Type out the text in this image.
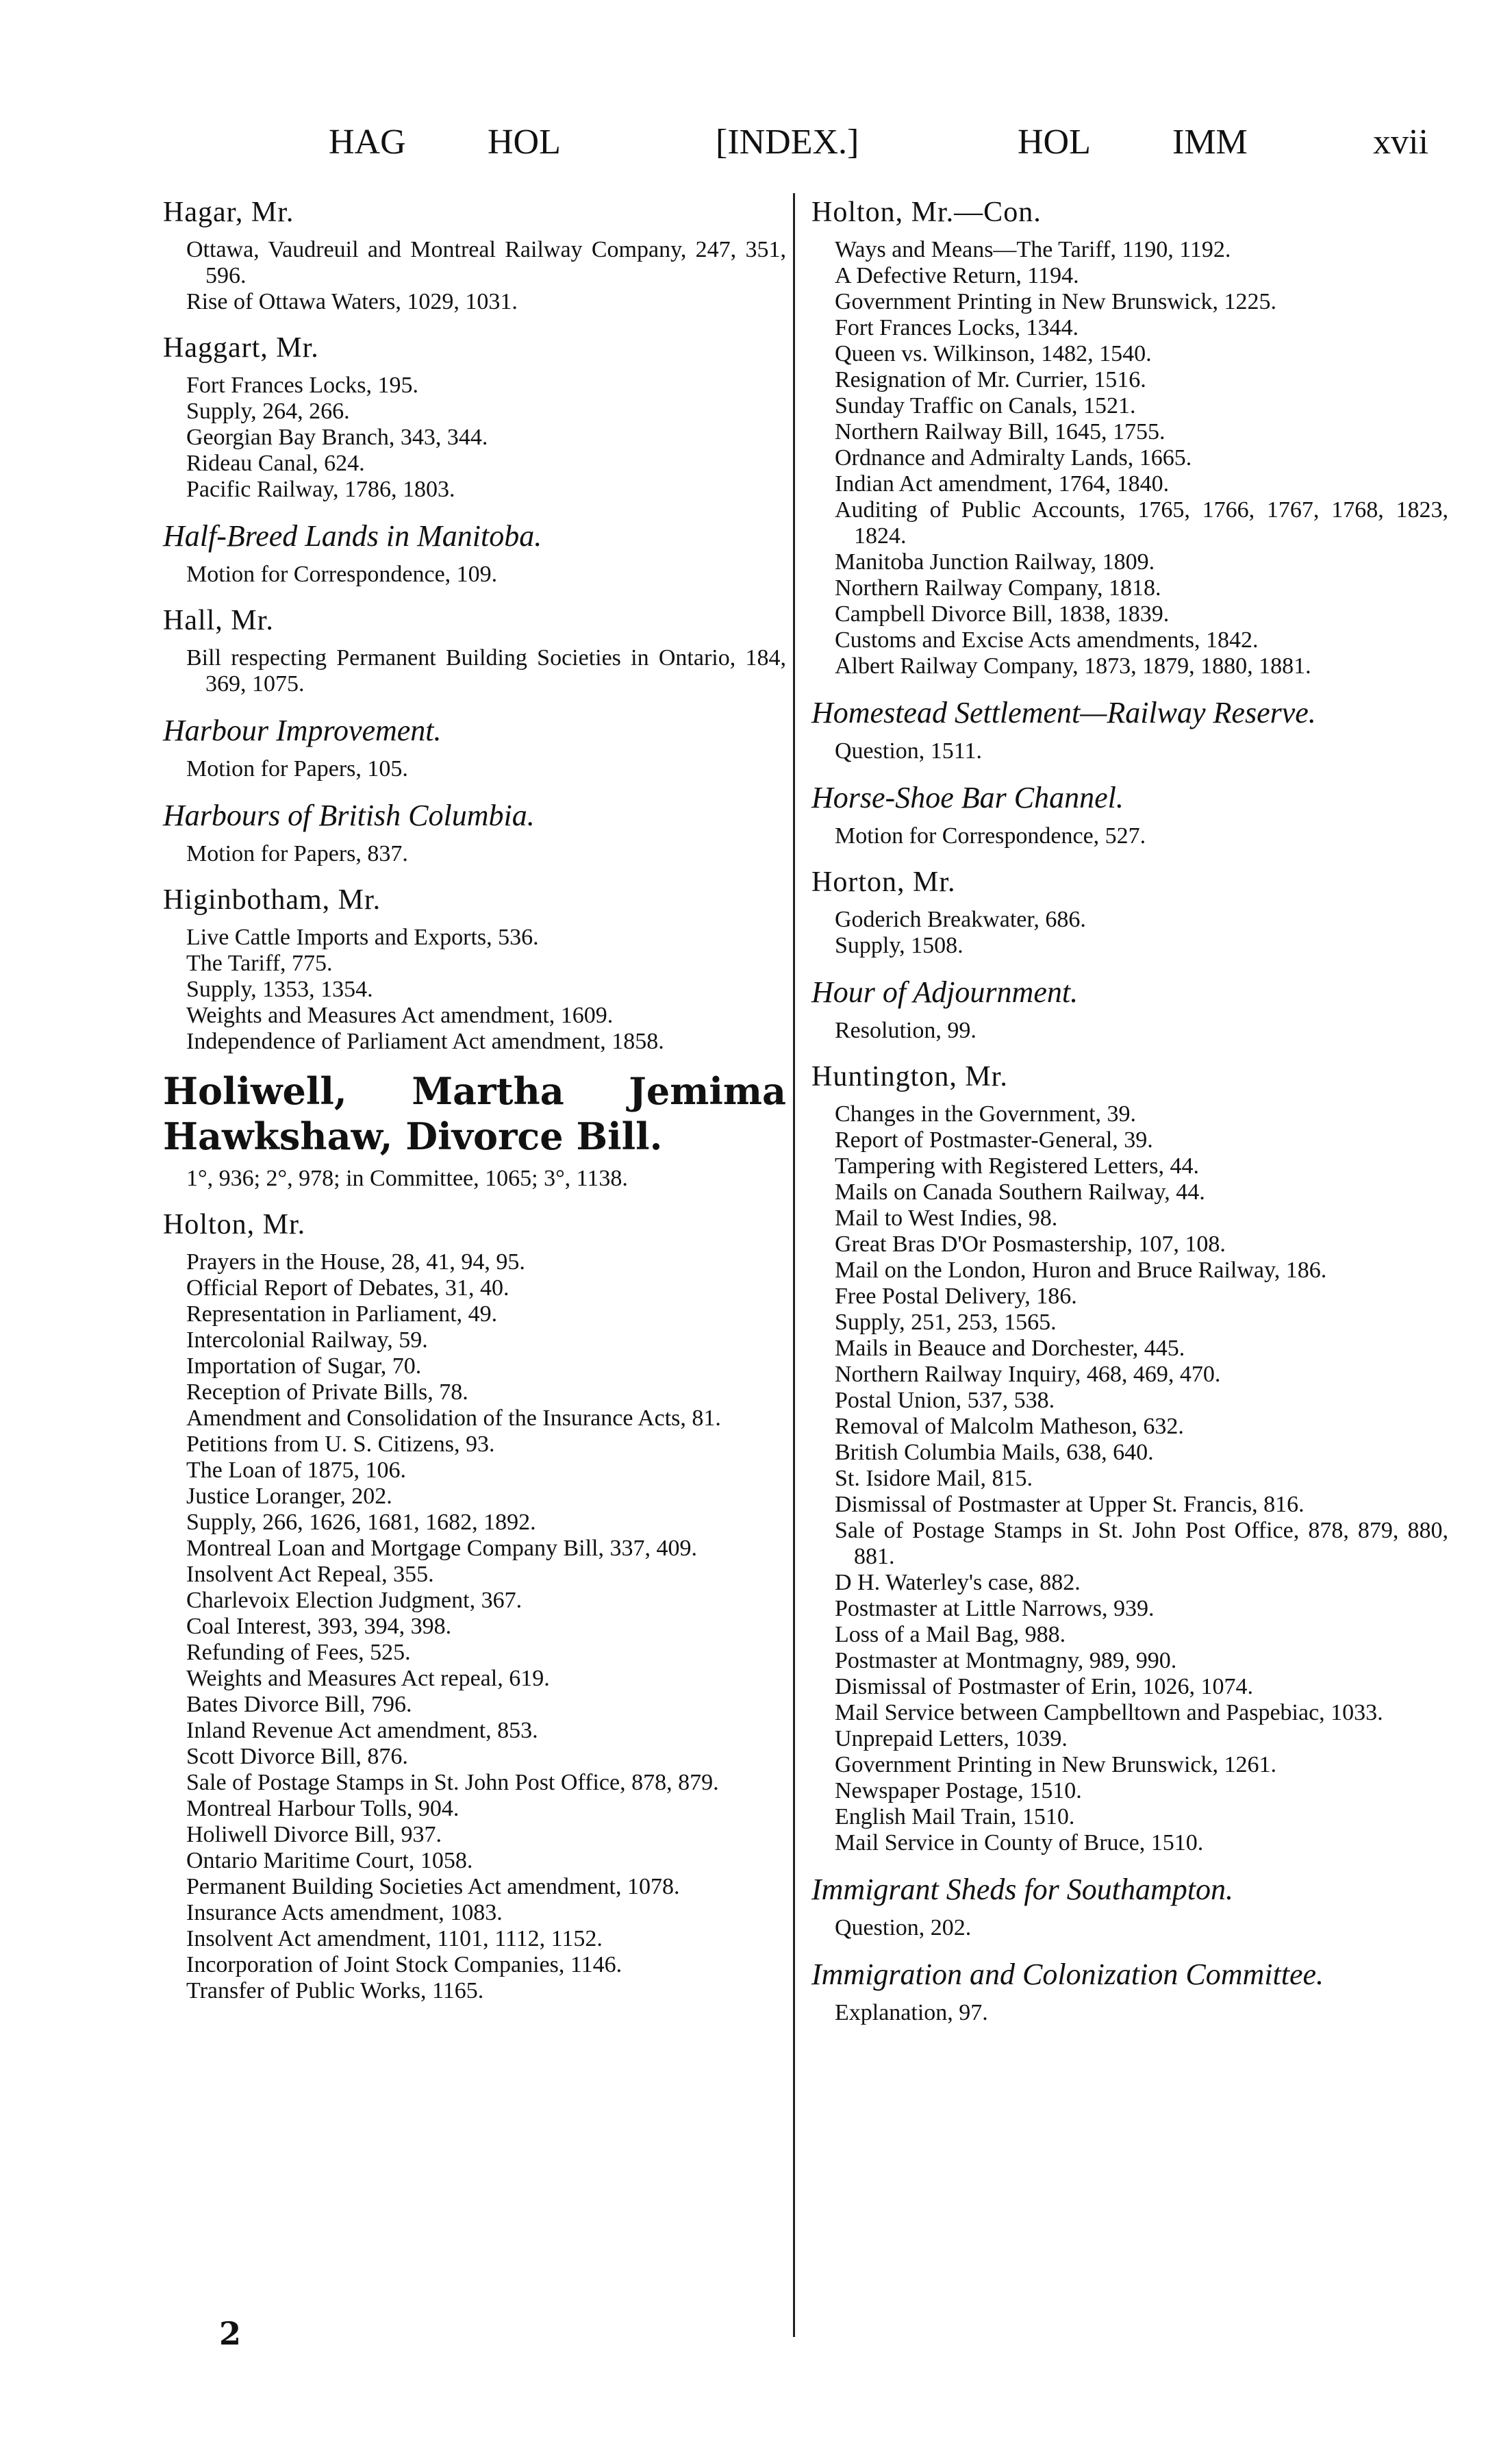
HAG HOL	[INDEX.]	HOL IMM	xvii
Hagar, Mr.
Ottawa, Vaudreuil and Montreal Railway Company, 247, 351, 596.
Rise of Ottawa Waters, 1029, 1031.
Haggart, Mr.
Fort Frances Locks, 195.
Supply, 264, 266.
Georgian Bay Branch, 343, 344.
Rideau Canal, 624.
Pacific Railway, 1786, 1803.
Half-Breed Lands in Manitoba.
Motion for Correspondence, 109.
Hall, Mr.
Bill respecting Permanent Building Societies in Ontario, 184, 369, 1075.
Harbour Improvement.
Motion for Papers, 105.
Harbours of British Columbia.
Motion for Papers, 837.
Higinbotham, Mr.
Live Cattle Imports and Exports, 536.
The Tariff, 775.
Supply, 1353, 1354.
Weights and Measures Act amendment, 1609.
Independence of Parliament Act amendment, 1858.
Holiwell, Martha Jemima Hawkshaw, Divorce Bill.
1°, 936; 2°, 978; in Committee, 1065; 3°, 1138.
Holton, Mr.
Prayers in the House, 28, 41, 94, 95.
Official Report of Debates, 31, 40.
Representation in Parliament, 49.
Intercolonial Railway, 59.
Importation of Sugar, 70.
Reception of Private Bills, 78.
Amendment and Consolidation of the Insurance Acts, 81.
Petitions from U. S. Citizens, 93.
The Loan of 1875, 106.
Justice Loranger, 202.
Supply, 266, 1626, 1681, 1682, 1892.
Montreal Loan and Mortgage Company Bill, 337, 409.
Insolvent Act Repeal, 355.
Charlevoix Election Judgment, 367.
Coal Interest, 393, 394, 398.
Refunding of Fees, 525.
Weights and Measures Act repeal, 619.
Bates Divorce Bill, 796.
Inland Revenue Act amendment, 853.
Scott Divorce Bill, 876.
Sale of Postage Stamps in St. John Post Office, 878, 879.
Montreal Harbour Tolls, 904.
Holiwell Divorce Bill, 937.
Ontario Maritime Court, 1058.
Permanent Building Societies Act amendment, 1078.
Insurance Acts amendment, 1083.
Insolvent Act amendment, 1101, 1112, 1152.
Incorporation of Joint Stock Companies, 1146.
Transfer of Public Works, 1165.
Holton, Mr.—Con.
Ways and Means—The Tariff, 1190, 1192.
A Defective Return, 1194.
Government Printing in New Brunswick, 1225.
Fort Frances Locks, 1344.
Queen vs. Wilkinson, 1482, 1540.
Resignation of Mr. Currier, 1516.
Sunday Traffic on Canals, 1521.
Northern Railway Bill, 1645, 1755.
Ordnance and Admiralty Lands, 1665.
Indian Act amendment, 1764, 1840.
Auditing of Public Accounts, 1765, 1766, 1767, 1768, 1823, 1824.
Manitoba Junction Railway, 1809.
Northern Railway Company, 1818.
Campbell Divorce Bill, 1838, 1839.
Customs and Excise Acts amendments, 1842.
Albert Railway Company, 1873, 1879, 1880, 1881.
Homestead Settlement—Railway Reserve.
Question, 1511.
Horse-Shoe Bar Channel.
Motion for Correspondence, 527.
Horton, Mr.
Goderich Breakwater, 686.
Supply, 1508.
Hour of Adjournment.
Resolution, 99.
Huntington, Mr.
Changes in the Government, 39.
Report of Postmaster-General, 39.
Tampering with Registered Letters, 44.
Mails on Canada Southern Railway, 44.
Mail to West Indies, 98.
Great Bras D'Or Posmastership, 107, 108.
Mail on the London, Huron and Bruce Railway, 186.
Free Postal Delivery, 186.
Supply, 251, 253, 1565.
Mails in Beauce and Dorchester, 445.
Northern Railway Inquiry, 468, 469, 470.
Postal Union, 537, 538.
Removal of Malcolm Matheson, 632.
British Columbia Mails, 638, 640.
St. Isidore Mail, 815.
Dismissal of Postmaster at Upper St. Francis, 816.
Sale of Postage Stamps in St. John Post Office, 878, 879, 880, 881.
D H. Waterley's case, 882.
Postmaster at Little Narrows, 939.
Loss of a Mail Bag, 988.
Postmaster at Montmagny, 989, 990.
Dismissal of Postmaster of Erin, 1026, 1074.
Mail Service between Campbelltown and Paspebiac, 1033.
Unprepaid Letters, 1039.
Government Printing in New Brunswick, 1261.
Newspaper Postage, 1510.
English Mail Train, 1510.
Mail Service in County of Bruce, 1510.
Immigrant Sheds for Southampton.
Question, 202.
Immigration and Colonization Committee.
Explanation, 97.
2
